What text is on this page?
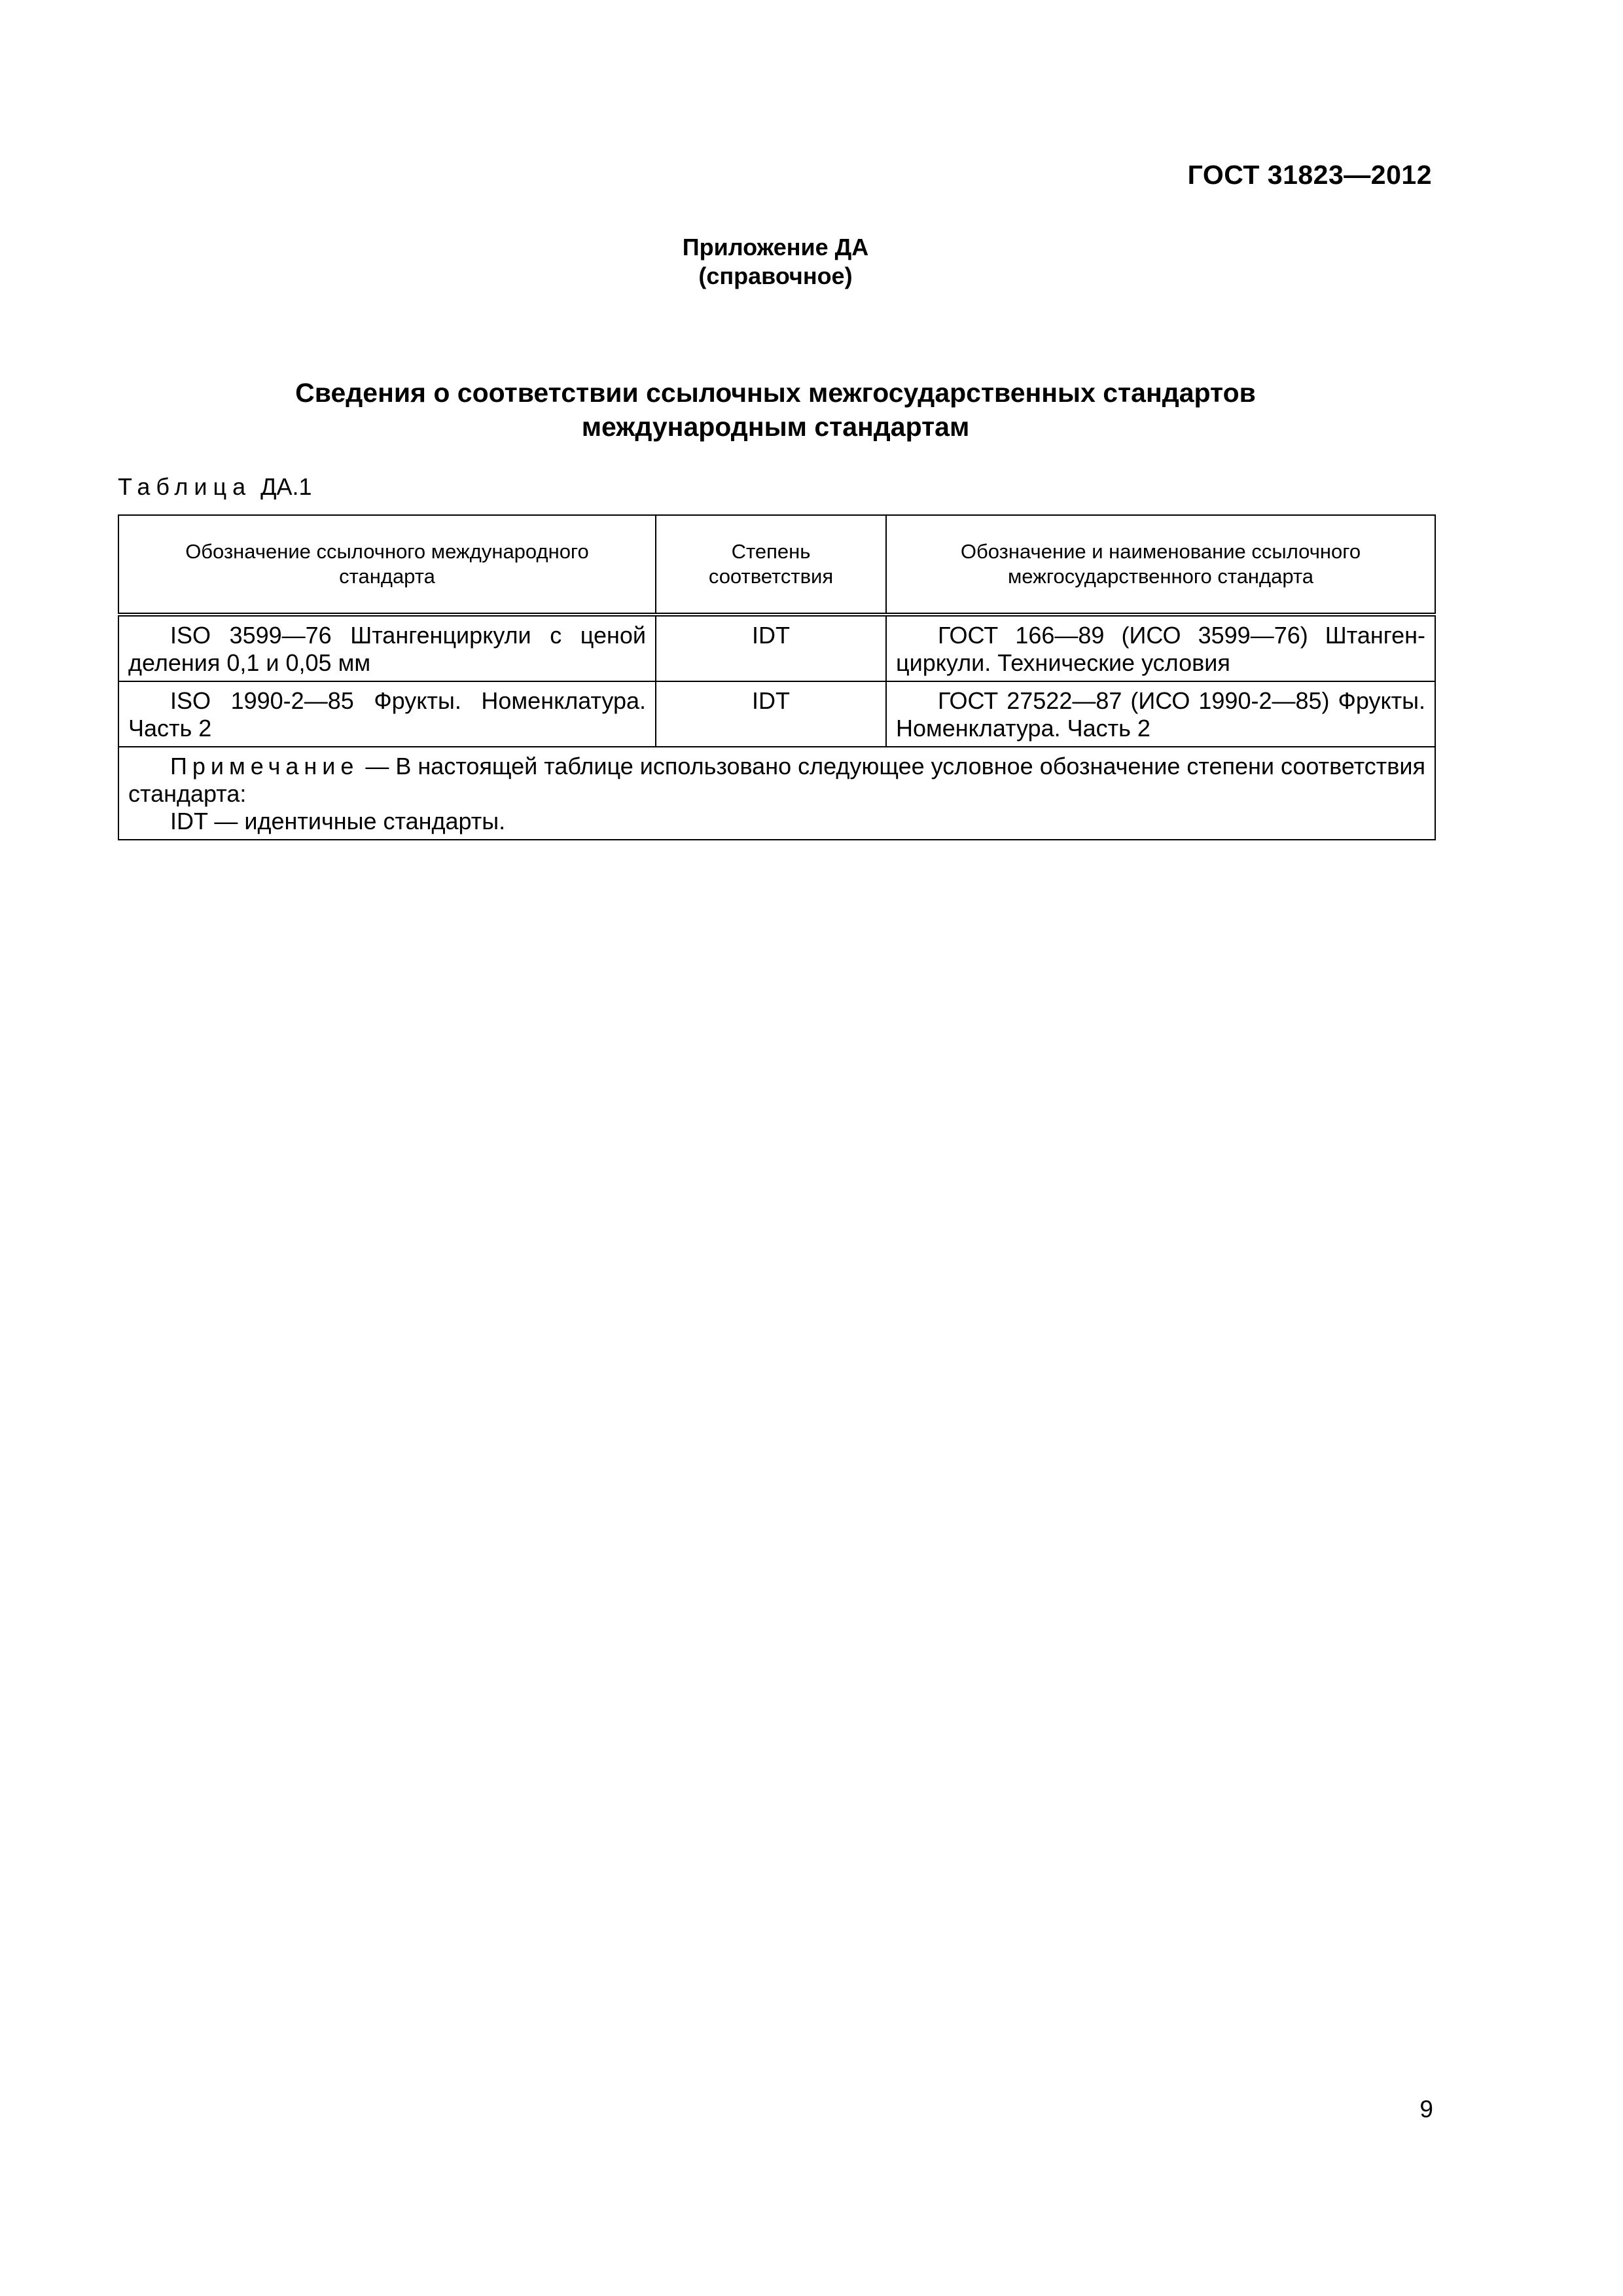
ГОСТ 31823—2012
Приложение ДА
(справочное)
Сведения о соответствии ссылочных межгосударственных стандартов
международным стандартам
Таблица ДА.1
Обозначение ссылочного международного стандарта	Степень соответствия	Обозначение и наименование ссылочного межгосударственного стандарта
ISO 3599—76 Штангенциркули с ценой деления 0,1 и 0,05 мм	IDT	ГОСТ 166—89 (ИСО 3599—76) Штангенциркули. Технические условия
ISO 1990-2—85 Фрукты. Номенклатура. Часть 2	IDT	ГОСТ 27522—87 (ИСО 1990-2—85) Фрукты. Номенклатура. Часть 2

Примечание — В настоящей таблице использовано следующее условное обозначение степени соответствия стандарта:
IDT — идентичные стандарты.		
9
